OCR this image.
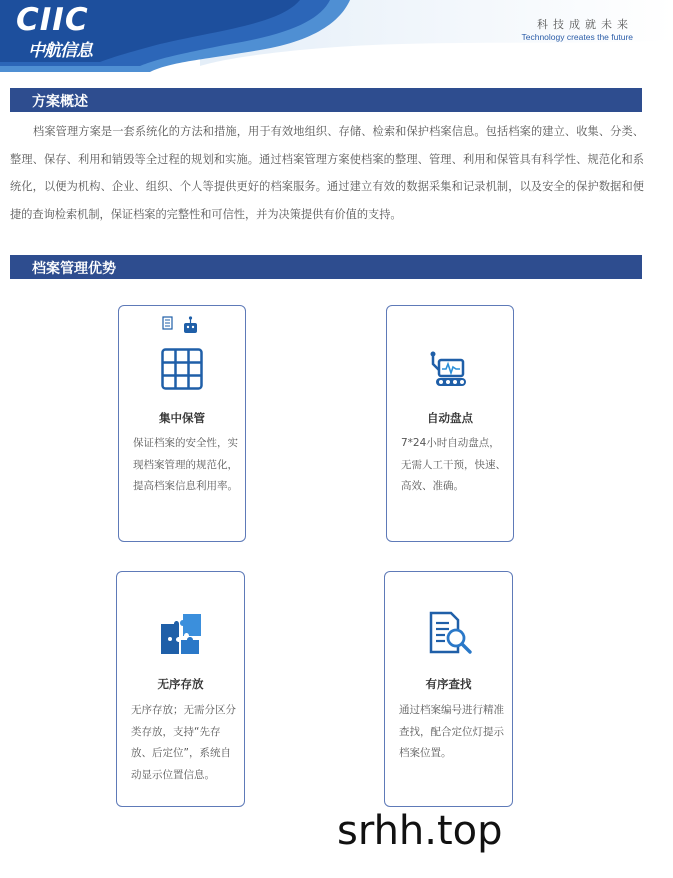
CIIC
中航信息
科技成就未来
Technology creates the future
方案概述

档案管理方案是一套系统化的方法和措施，用于有效地组织、存储、检索和保护档案信息。包括档案的建立、收集、分类、整理、保存、利用和销毁等全过程的规划和实施。通过档案管理方案使档案的整理、管理、利用和保管具有科学性、规范化和系统化，以便为机构、企业、组织、个人等提供更好的档案服务。通过建立有效的数据采集和记录机制，以及安全的保护数据和便捷的查询检索机制，保证档案的完整性和可信性，并为决策提供有价值的支持。

档案管理优势
集中保管
保证档案的安全性，实现档案管理的规范化，提高档案信息利用率。
自动盘点
7*24小时自动盘点，无需人工干预，快速、高效、准确。
无序存放
无序存放；无需分区分类存放，支持“先存放、后定位”，系统自动显示位置信息。
有序查找
通过档案编号进行精准查找，配合定位灯提示档案位置。
srhh.top
